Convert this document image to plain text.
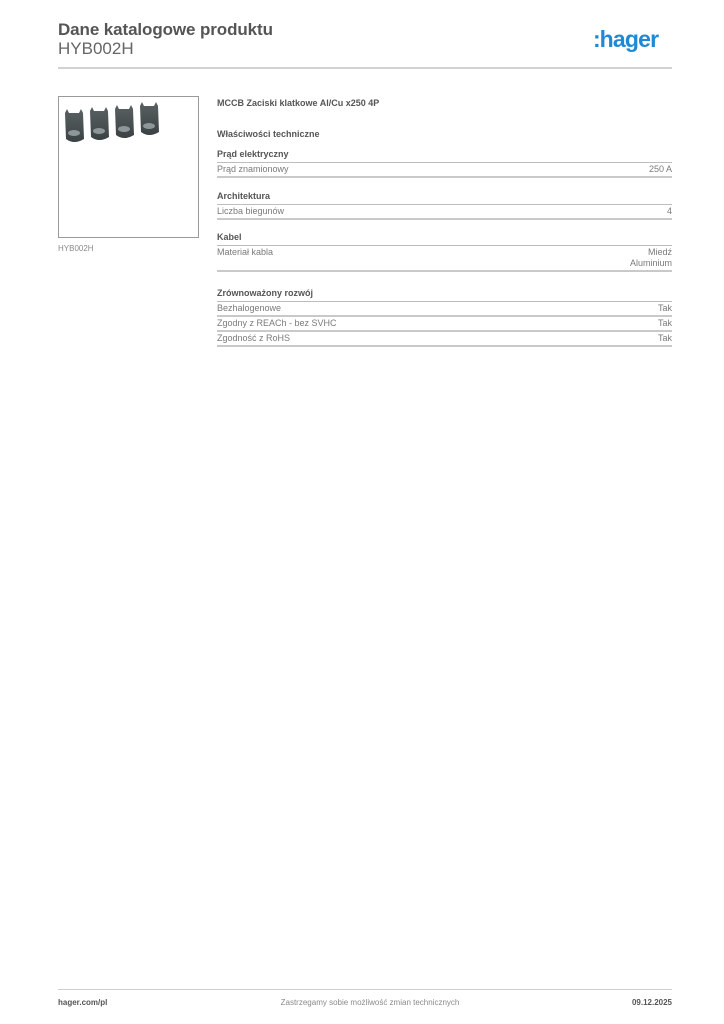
Dane katalogowe produktu
HYB002H	:hager
HYB002H
MCCB Zaciski klatkowe Al/Cu x250 4P
Właściwości techniczne
Prąd elektryczny
Prąd znamionowy	250 A
Architektura
Liczba biegunów	4
Kabel
Materiał kabla	Miedź
Aluminium
Zrównoważony rozwój
Bezhalogenowe	Tak
Zgodny z REACh - bez SVHC	Tak
Zgodność z RoHS	Tak
hager.com/pl	Zastrzegamy sobie możliwość zmian technicznych	09.12.2025
